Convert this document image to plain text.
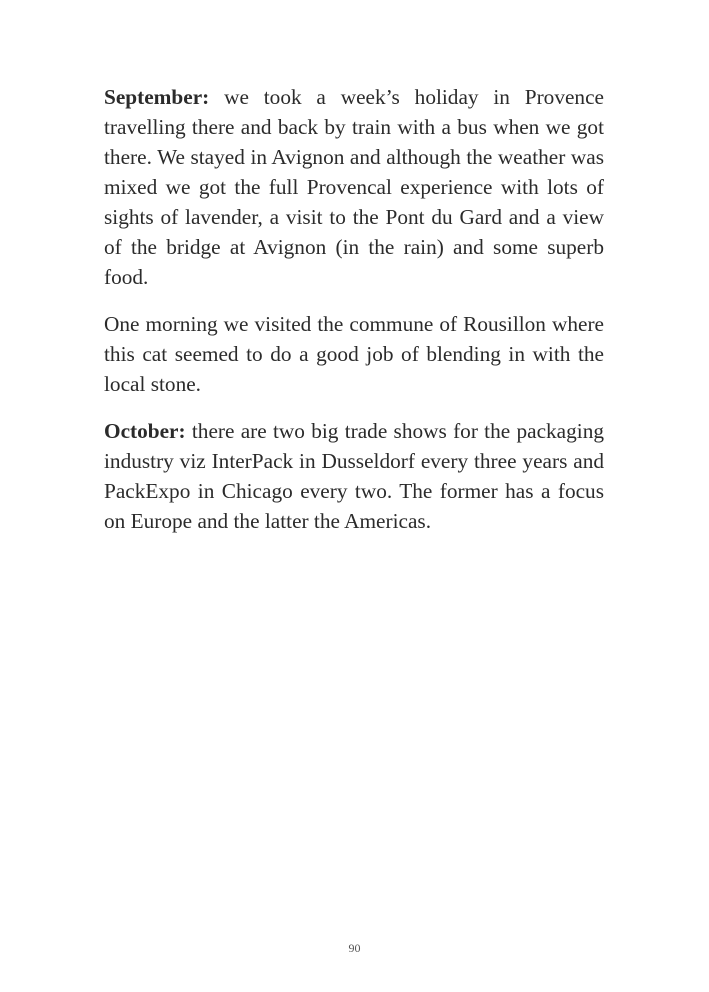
September: we took a week’s holiday in Provence travelling there and back by train with a bus when we got there. We stayed in Avignon and although the weather was mixed we got the full Provencal experience with lots of sights of lavender, a visit to the Pont du Gard and a view of the bridge at Avignon (in the rain) and some superb food.

One morning we visited the commune of Rousillon where this cat seemed to do a good job of blending in with the local stone.

October: there are two big trade shows for the packaging industry viz InterPack in Dusseldorf every three years and PackExpo in Chicago every two. The former has a focus on Europe and the latter the Americas.

90
